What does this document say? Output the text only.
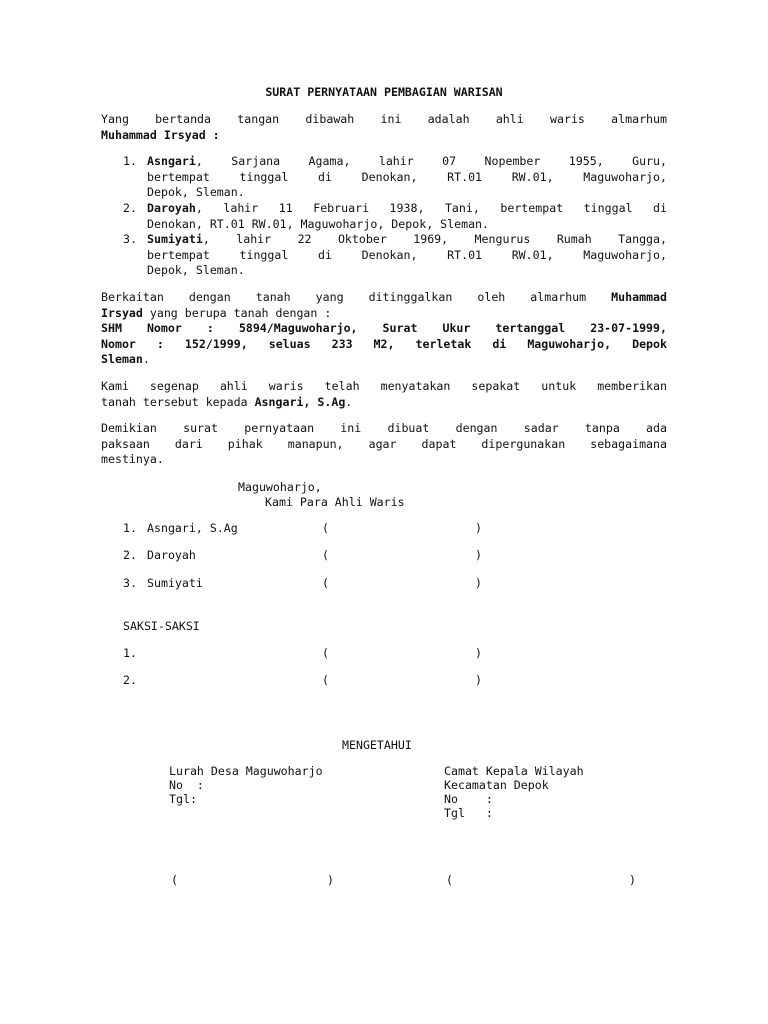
SURAT PERNYATAAN PEMBAGIAN WARISAN
Yang bertanda tangan dibawah ini adalah ahli waris almarhum
Muhammad Irsyad :
1. Asngari, Sarjana Agama, lahir 07 Nopember 1955, Guru,
bertempat tinggal di Denokan, RT.01 RW.01, Maguwoharjo,
Depok, Sleman.
2. Daroyah, lahir 11 Februari 1938, Tani, bertempat tinggal di
Denokan, RT.01 RW.01, Maguwoharjo, Depok, Sleman.
3. Sumiyati, lahir 22 Oktober 1969, Mengurus Rumah Tangga,
bertempat tinggal di Denokan, RT.01 RW.01, Maguwoharjo,
Depok, Sleman.
Berkaitan dengan tanah yang ditinggalkan oleh almarhum Muhammad
Irsyad yang berupa tanah dengan :
SHM Nomor : 5894/Maguwoharjo, Surat Ukur tertanggal 23-07-1999,
Nomor : 152/1999, seluas 233 M2, terletak di Maguwoharjo, Depok
Sleman.
Kami segenap ahli waris telah menyatakan sepakat untuk memberikan
tanah tersebut kepada Asngari, S.Ag.
Demikian surat pernyataan ini dibuat dengan sadar tanpa ada
paksaan dari pihak manapun, agar dapat dipergunakan sebagaimana
mestinya.
Maguwoharjo,
Kami Para Ahli Waris
1. Asngari, S.Ag	(	)
2. Daroyah	(	)
3. Sumiyati	(	)
SAKSI-SAKSI
1.	(	)
2.	(	)
MENGETAHUI
Lurah Desa Maguwoharjo
No  :
Tgl:
(	)
Camat Kepala Wilayah
Kecamatan Depok
No    :
Tgl   :
(	)
